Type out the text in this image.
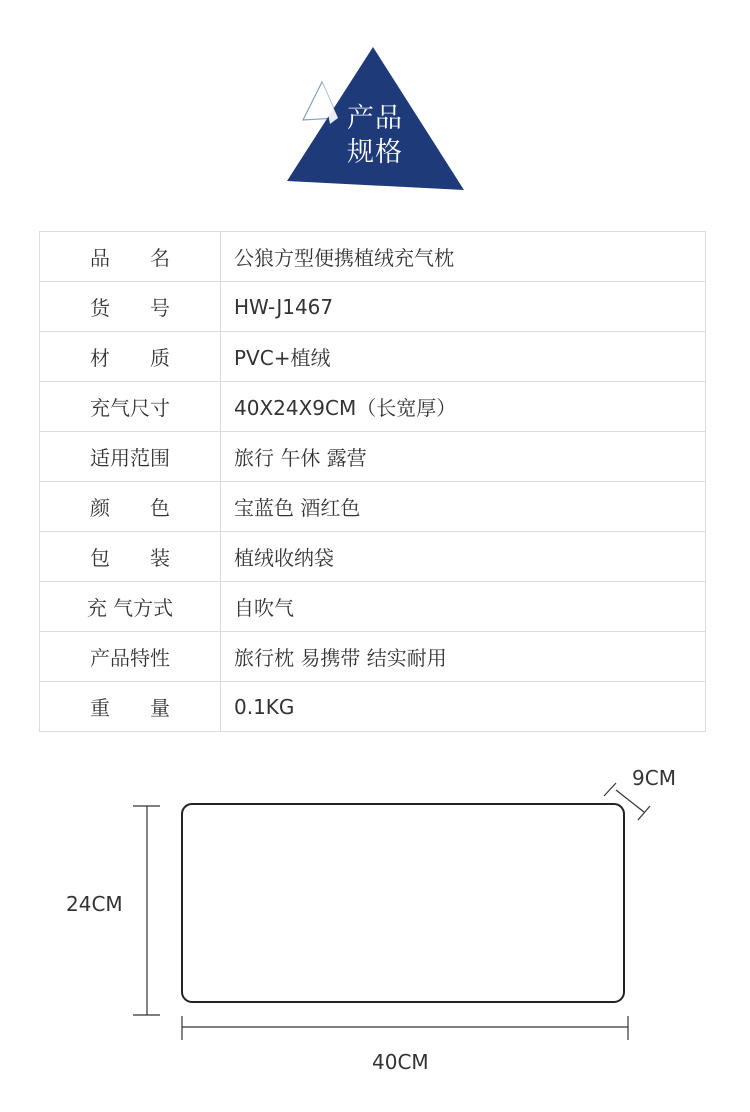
产品
规格
品　　名	公狼方型便携植绒充气枕
货　　号	HW-J1467
材　　质	PVC+植绒
充气尺寸	40X24X9CM（长宽厚）
适用范围	旅行 午休 露营
颜　　色	宝蓝色 酒红色
包　　装	植绒收纳袋
充 气方式	自吹气
产品特性	旅行枕 易携带 结实耐用
重　　量	0.1KG
9CM
24CM
40CM
